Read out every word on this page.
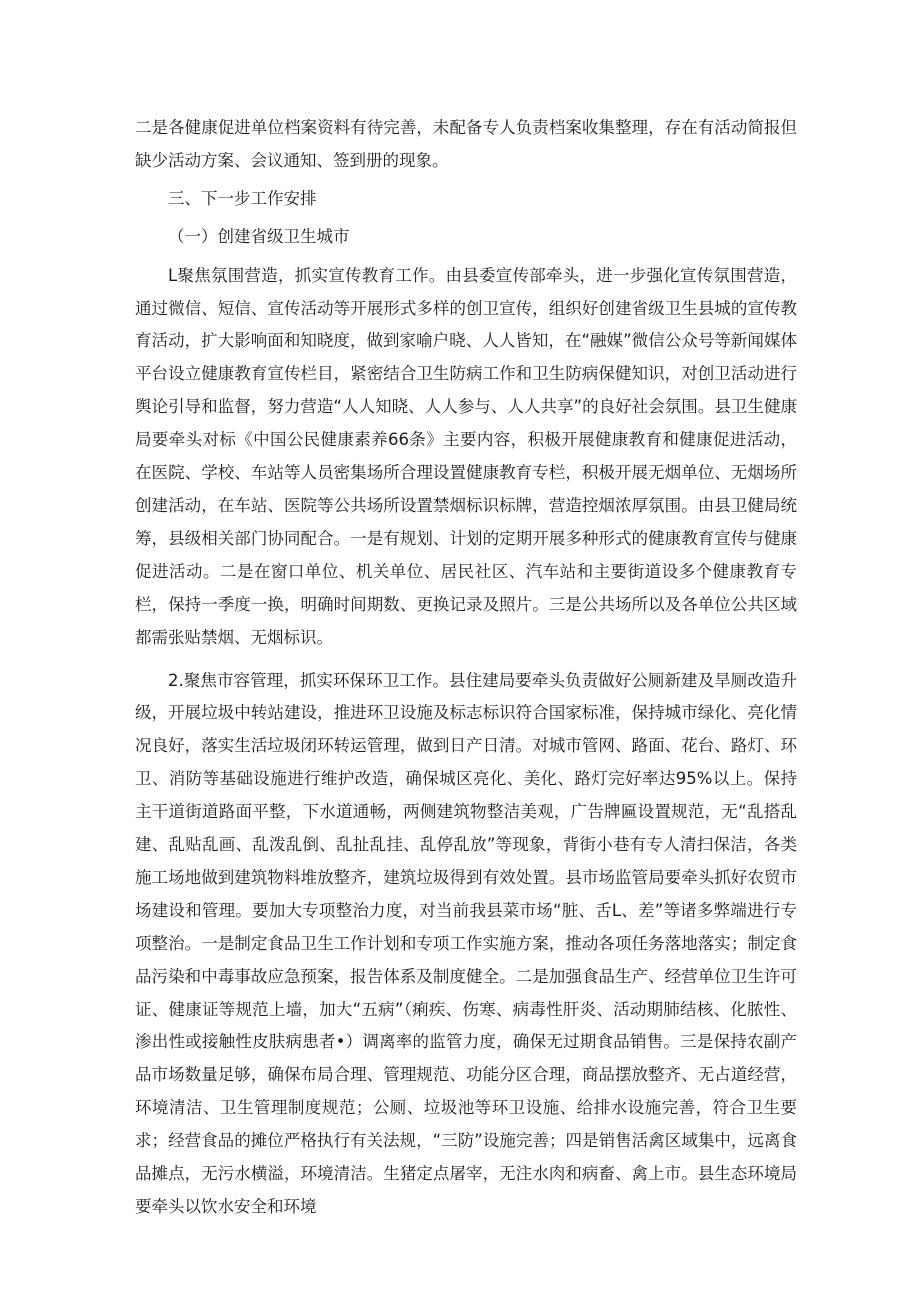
二是各健康促进单位档案资料有待完善，未配备专人负责档案收集整理，存在有活动简报但缺少活动方案、会议通知、签到册的现象。

三、下一步工作安排

（一）创建省级卫生城市

L聚焦氛围营造，抓实宣传教育工作。由县委宣传部牵头，进一步强化宣传氛围营造，通过微信、短信、宣传活动等开展形式多样的创卫宣传，组织好创建省级卫生县城的宣传教育活动，扩大影响面和知晓度，做到家喻户晓、人人皆知，在“融媒”微信公众号等新闻媒体平台设立健康教育宣传栏目，紧密结合卫生防病工作和卫生防病保健知识，对创卫活动进行舆论引导和监督，努力营造“人人知晓、人人参与、人人共享”的良好社会氛围。县卫生健康局要牵头对标《中国公民健康素养66条》主要内容，积极开展健康教育和健康促进活动，在医院、学校、车站等人员密集场所合理设置健康教育专栏，积极开展无烟单位、无烟场所创建活动，在车站、医院等公共场所设置禁烟标识标牌，营造控烟浓厚氛围。由县卫健局统筹，县级相关部门协同配合。一是有规划、计划的定期开展多种形式的健康教育宣传与健康促进活动。二是在窗口单位、机关单位、居民社区、汽车站和主要街道设多个健康教育专栏，保持一季度一换，明确时间期数、更换记录及照片。三是公共场所以及各单位公共区域都需张贴禁烟、无烟标识。

2.聚焦市容管理，抓实环保环卫工作。县住建局要牵头负责做好公厕新建及旱厕改造升级，开展垃圾中转站建设，推进环卫设施及标志标识符合国家标准，保持城市绿化、亮化情况良好，落实生活垃圾闭环转运管理，做到日产日清。对城市管网、路面、花台、路灯、环卫、消防等基础设施进行维护改造，确保城区亮化、美化、路灯完好率达95%以上。保持主干道街道路面平整，下水道通畅，两侧建筑物整洁美观，广告牌匾设置规范，无“乱搭乱建、乱贴乱画、乱泼乱倒、乱扯乱挂、乱停乱放”等现象，背街小巷有专人清扫保洁，各类施工场地做到建筑物料堆放整齐，建筑垃圾得到有效处置。县市场监管局要牵头抓好农贸市场建设和管理。要加大专项整治力度，对当前我县菜市场“脏、舌L、差”等诸多弊端进行专项整治。一是制定食品卫生工作计划和专项工作实施方案，推动各项任务落地落实；制定食品污染和中毒事故应急预案，报告体系及制度健全。二是加强食品生产、经营单位卫生许可证、健康证等规范上墙，加大“五病”（痢疾、伤寒、病毒性肝炎、活动期肺结核、化脓性、渗出性或接触性皮肤病患者•）调离率的监管力度，确保无过期食品销售。三是保持农副产品市场数量足够，确保布局合理、管理规范、功能分区合理，商品摆放整齐、无占道经营，环境清洁、卫生管理制度规范；公厕、垃圾池等环卫设施、给排水设施完善，符合卫生要求；经营食品的摊位严格执行有关法规，“三防”设施完善；四是销售活禽区域集中，远离食品摊点，无污水横溢，环境清洁。生猪定点屠宰，无注水肉和病畜、禽上市。县生态环境局要牵头以饮水安全和环境
